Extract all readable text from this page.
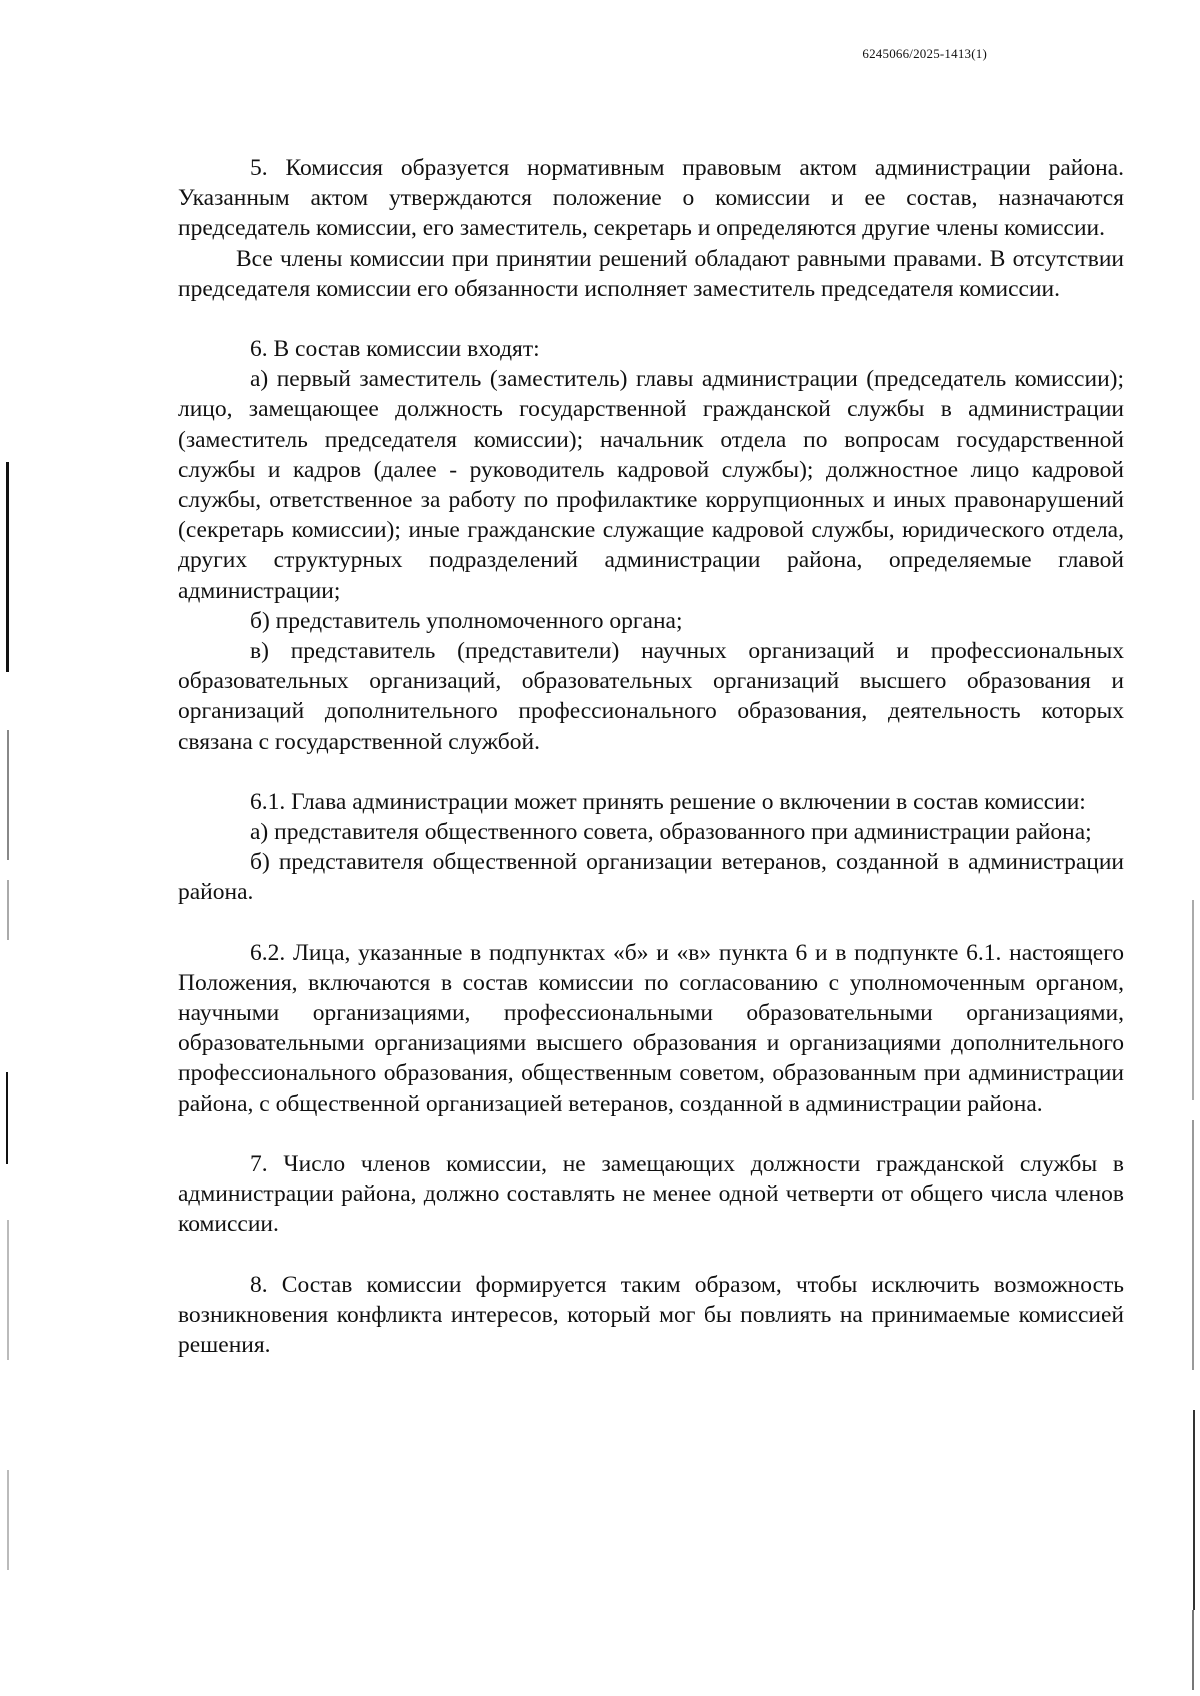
6245066/2025-1413(1)

5. Комиссия образуется нормативным правовым актом администрации района. Указанным актом утверждаются положение о комиссии и ее состав, назначаются председатель комиссии, его заместитель, секретарь и определяются другие члены комиссии.

Все члены комиссии при принятии решений обладают равными правами. В отсутствии председателя комиссии его обязанности исполняет заместитель председателя комиссии.

6. В состав комиссии входят:

а) первый заместитель (заместитель) главы администрации (председатель комиссии); лицо, замещающее должность государственной гражданской службы в администрации (заместитель председателя комиссии); начальник отдела по вопросам государственной службы и кадров (далее - руководитель кадровой службы); должностное лицо кадровой службы, ответственное за работу по профилактике коррупционных и иных правонарушений (секретарь комиссии); иные гражданские служащие кадровой службы, юридического отдела, других структурных подразделений администрации района, определяемые главой администрации;

б) представитель уполномоченного органа;

в) представитель (представители) научных организаций и профессиональных образовательных организаций, образовательных организаций высшего образования и организаций дополнительного профессионального образования, деятельность которых связана с государственной службой.

6.1. Глава администрации может принять решение о включении в состав комиссии:

а) представителя общественного совета, образованного при администрации района;

б) представителя общественной организации ветеранов, созданной в администрации района.

6.2. Лица, указанные в подпунктах «б» и «в» пункта 6 и в подпункте 6.1. настоящего Положения, включаются в состав комиссии по согласованию с уполномоченным органом, научными организациями, профессиональными образовательными организациями, образовательными организациями высшего образования и организациями дополнительного профессионального образования, общественным советом, образованным при администрации района, с общественной организацией ветеранов, созданной в администрации района.

7. Число членов комиссии, не замещающих должности гражданской службы в администрации района, должно составлять не менее одной четверти от общего числа членов комиссии.

8. Состав комиссии формируется таким образом, чтобы исключить возможность возникновения конфликта интересов, который мог бы повлиять на принимаемые комиссией решения.
